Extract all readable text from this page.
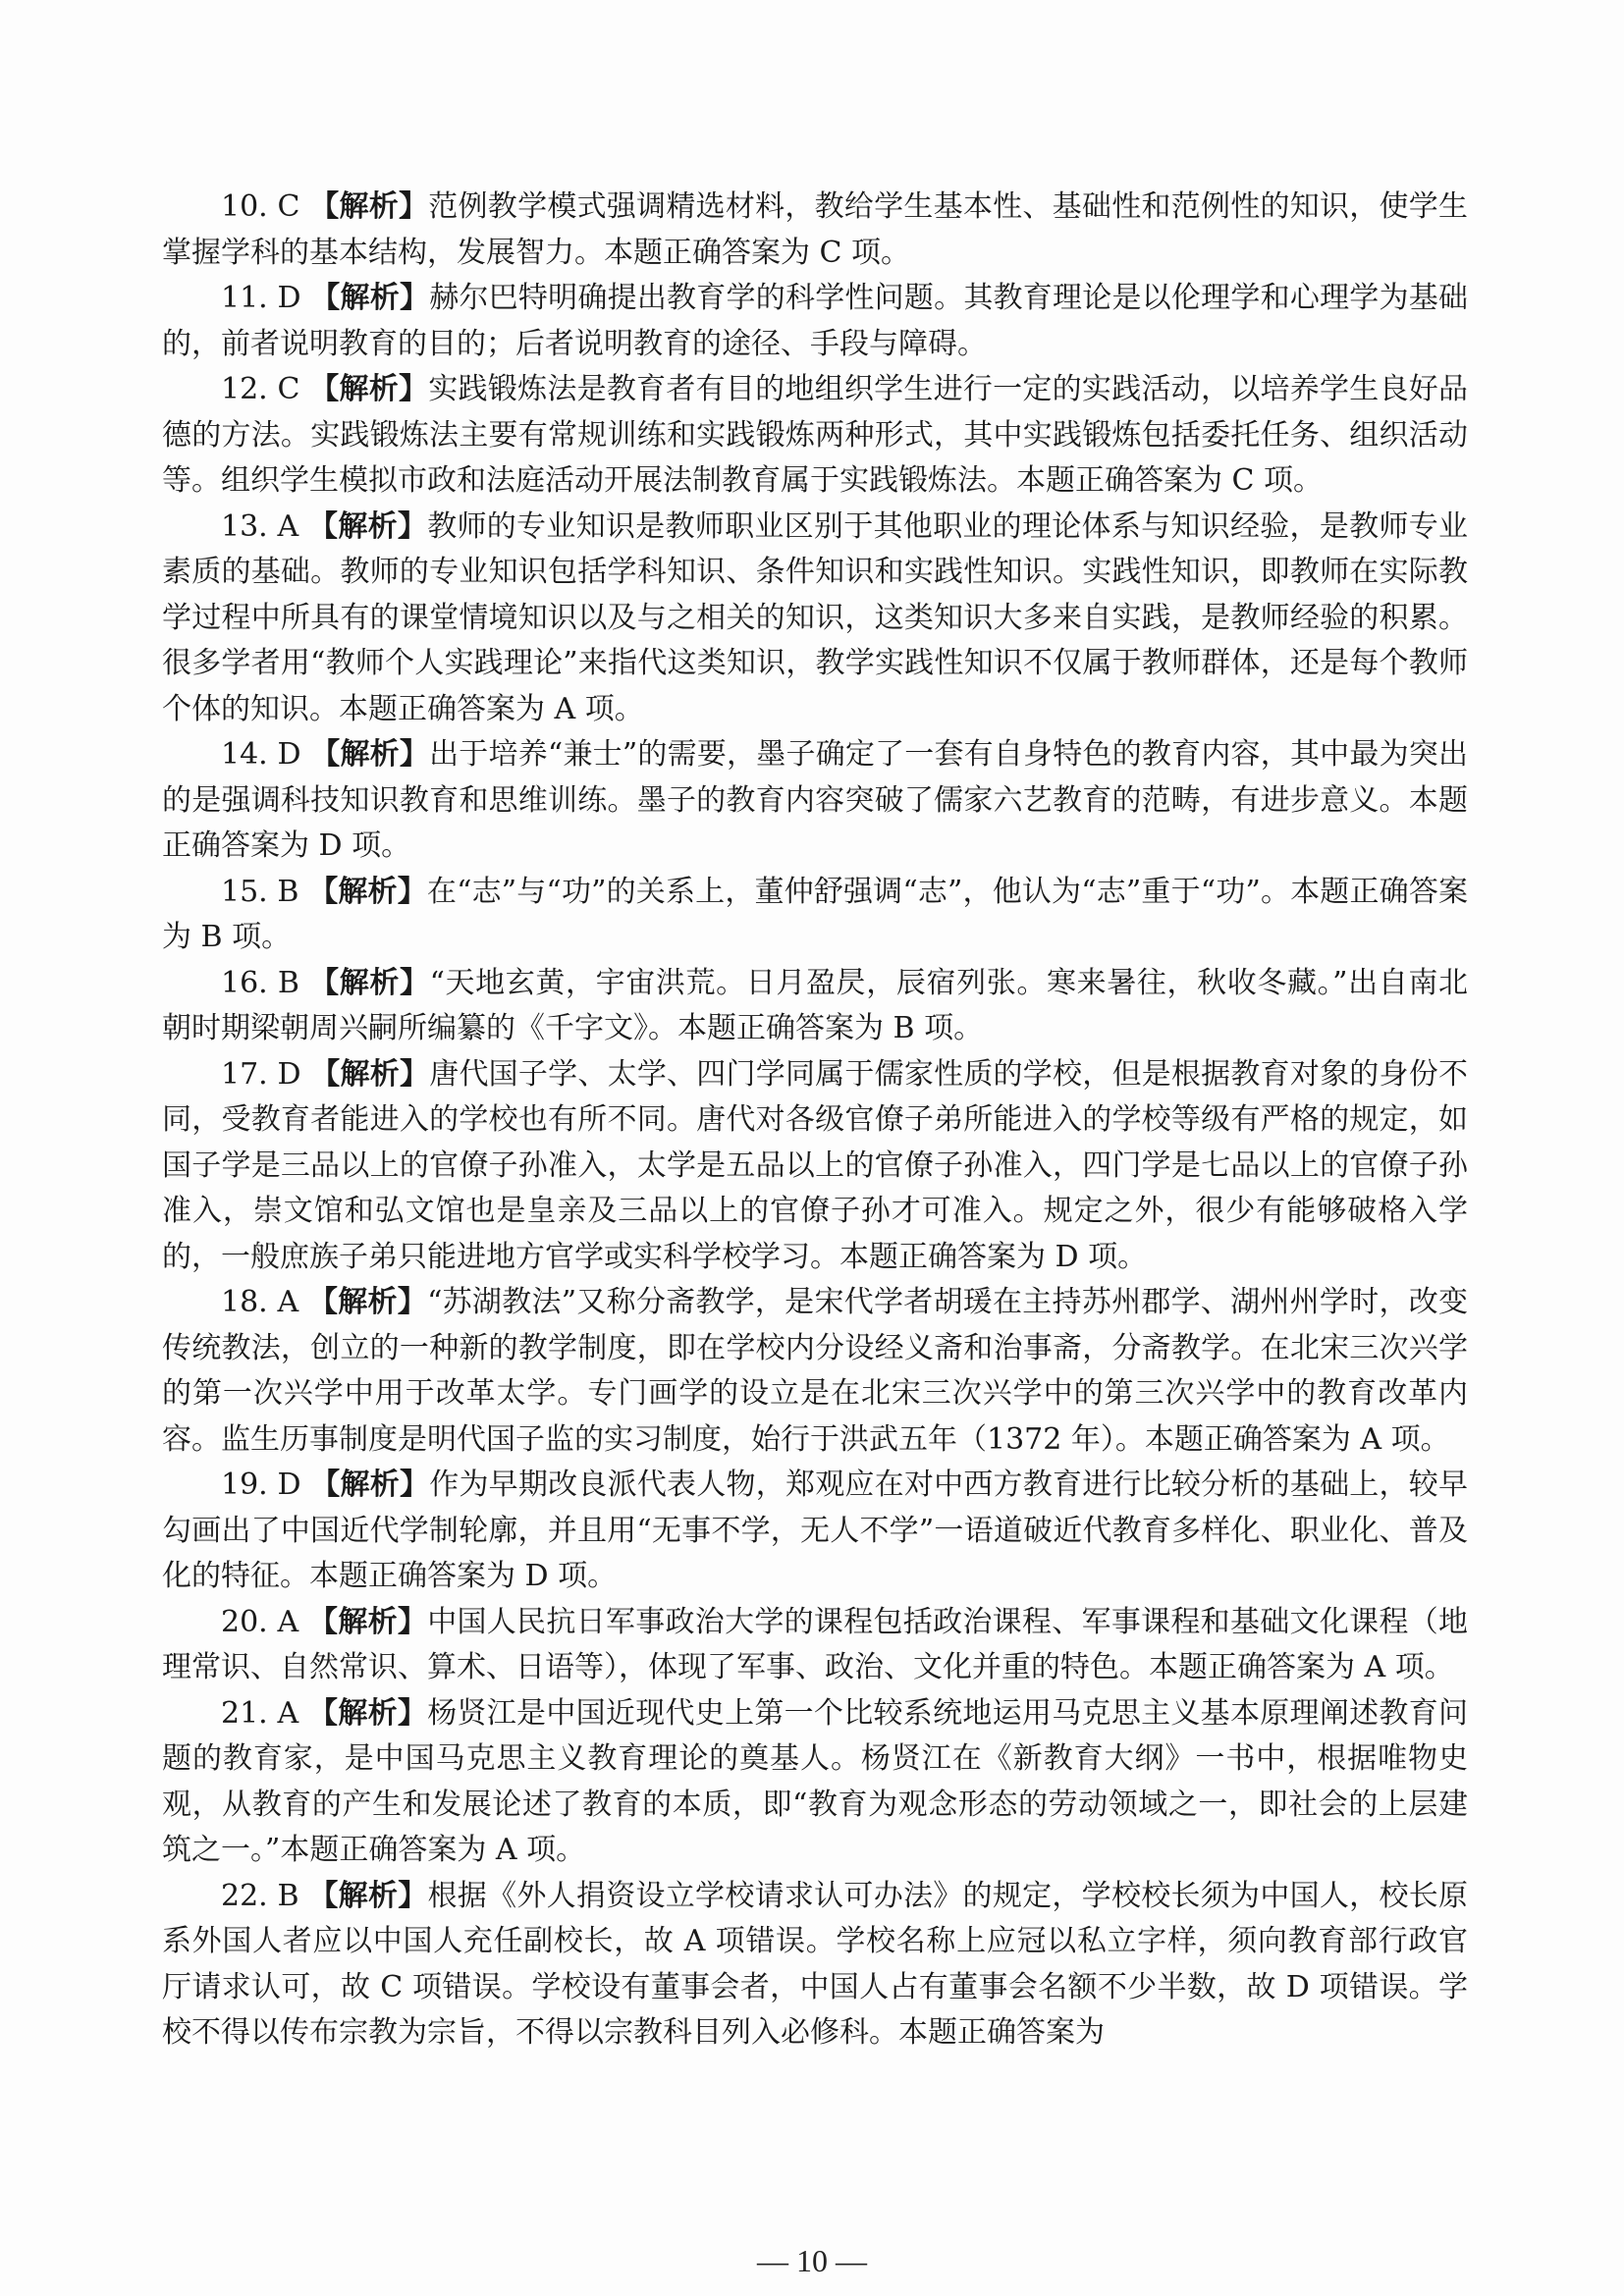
10. C 【解析】范例教学模式强调精选材料，教给学生基本性、基础性和范例性的知识，使学生掌握学科的基本结构，发展智力。本题正确答案为 C 项。

11. D 【解析】赫尔巴特明确提出教育学的科学性问题。其教育理论是以伦理学和心理学为基础的，前者说明教育的目的；后者说明教育的途径、手段与障碍。

12. C 【解析】实践锻炼法是教育者有目的地组织学生进行一定的实践活动，以培养学生良好品德的方法。实践锻炼法主要有常规训练和实践锻炼两种形式，其中实践锻炼包括委托任务、组织活动等。组织学生模拟市政和法庭活动开展法制教育属于实践锻炼法。本题正确答案为 C 项。

13. A 【解析】教师的专业知识是教师职业区别于其他职业的理论体系与知识经验，是教师专业素质的基础。教师的专业知识包括学科知识、条件知识和实践性知识。实践性知识，即教师在实际教学过程中所具有的课堂情境知识以及与之相关的知识，这类知识大多来自实践，是教师经验的积累。很多学者用“教师个人实践理论”来指代这类知识，教学实践性知识不仅属于教师群体，还是每个教师个体的知识。本题正确答案为 A 项。

14. D 【解析】出于培养“兼士”的需要，墨子确定了一套有自身特色的教育内容，其中最为突出的是强调科技知识教育和思维训练。墨子的教育内容突破了儒家六艺教育的范畴，有进步意义。本题正确答案为 D 项。

15. B 【解析】在“志”与“功”的关系上，董仲舒强调“志”，他认为“志”重于“功”。本题正确答案为 B 项。

16. B 【解析】“天地玄黄，宇宙洪荒。日月盈昃，辰宿列张。寒来暑往，秋收冬藏。”出自南北朝时期梁朝周兴嗣所编纂的《千字文》。本题正确答案为 B 项。

17. D 【解析】唐代国子学、太学、四门学同属于儒家性质的学校，但是根据教育对象的身份不同，受教育者能进入的学校也有所不同。唐代对各级官僚子弟所能进入的学校等级有严格的规定，如国子学是三品以上的官僚子孙准入，太学是五品以上的官僚子孙准入，四门学是七品以上的官僚子孙准入，崇文馆和弘文馆也是皇亲及三品以上的官僚子孙才可准入。规定之外，很少有能够破格入学的，一般庶族子弟只能进地方官学或实科学校学习。本题正确答案为 D 项。

18. A 【解析】“苏湖教法”又称分斋教学，是宋代学者胡瑗在主持苏州郡学、湖州州学时，改变传统教法，创立的一种新的教学制度，即在学校内分设经义斋和治事斋，分斋教学。在北宋三次兴学的第一次兴学中用于改革太学。专门画学的设立是在北宋三次兴学中的第三次兴学中的教育改革内容。监生历事制度是明代国子监的实习制度，始行于洪武五年（1372 年）。本题正确答案为 A 项。

19. D 【解析】作为早期改良派代表人物，郑观应在对中西方教育进行比较分析的基础上，较早勾画出了中国近代学制轮廓，并且用“无事不学，无人不学”一语道破近代教育多样化、职业化、普及化的特征。本题正确答案为 D 项。

20. A 【解析】中国人民抗日军事政治大学的课程包括政治课程、军事课程和基础文化课程（地理常识、自然常识、算术、日语等），体现了军事、政治、文化并重的特色。本题正确答案为 A 项。

21. A 【解析】杨贤江是中国近现代史上第一个比较系统地运用马克思主义基本原理阐述教育问题的教育家，是中国马克思主义教育理论的奠基人。杨贤江在《新教育大纲》一书中，根据唯物史观，从教育的产生和发展论述了教育的本质，即“教育为观念形态的劳动领域之一，即社会的上层建筑之一。”本题正确答案为 A 项。

22. B 【解析】根据《外人捐资设立学校请求认可办法》的规定，学校校长须为中国人，校长原系外国人者应以中国人充任副校长，故 A 项错误。学校名称上应冠以私立字样，须向教育部行政官厅请求认可，故 C 项错误。学校设有董事会者，中国人占有董事会名额不少半数，故 D 项错误。学校不得以传布宗教为宗旨，不得以宗教科目列入必修科。本题正确答案为

— 10 —
